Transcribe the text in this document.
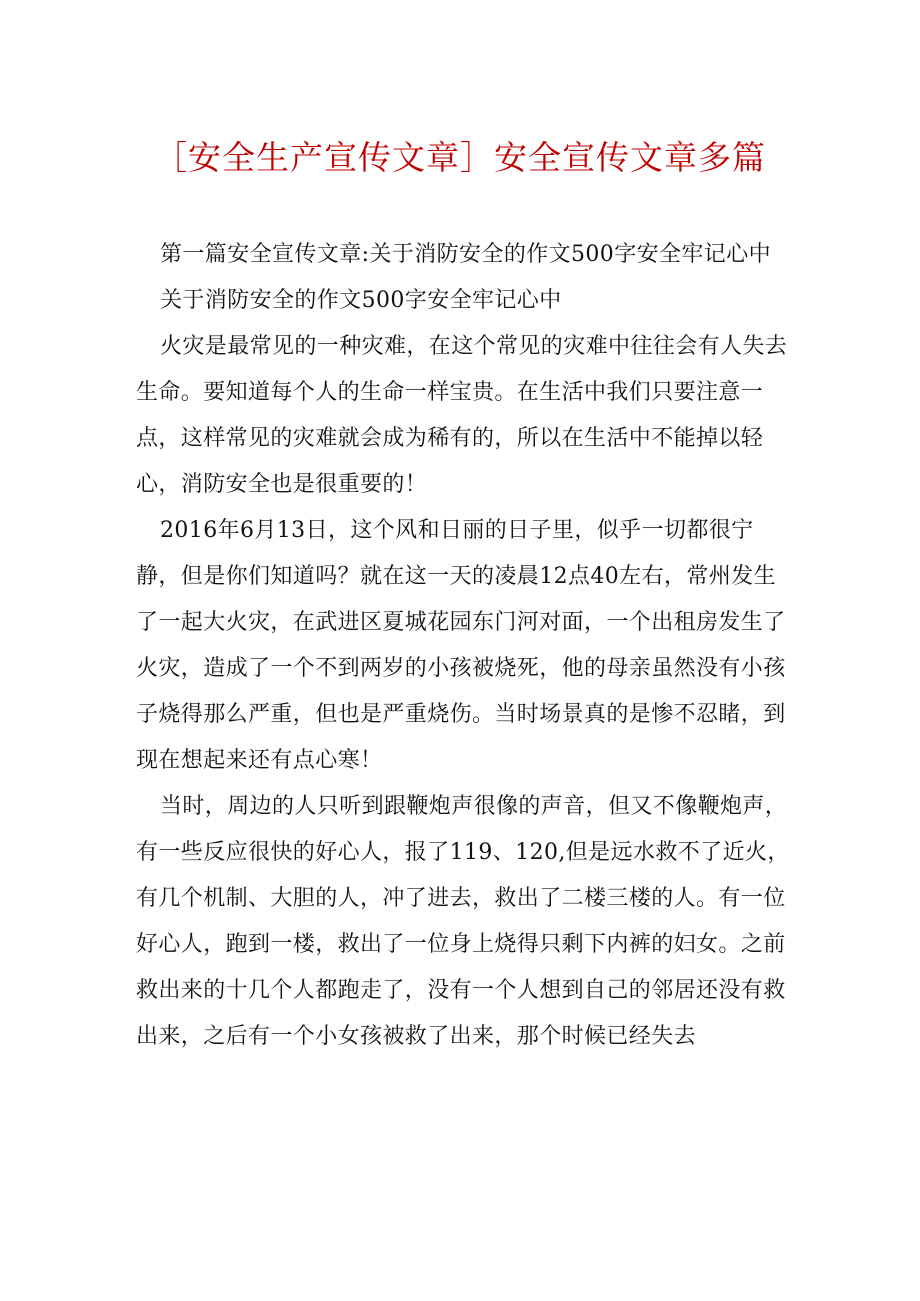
［安全生产宣传文章］安全宣传文章多篇

第一篇安全宣传文章:关于消防安全的作文500字安全牢记心中

关于消防安全的作文500字安全牢记心中

火灾是最常见的一种灾难，在这个常见的灾难中往往会有人失去生命。要知道每个人的生命一样宝贵。在生活中我们只要注意一点，这样常见的灾难就会成为稀有的，所以在生活中不能掉以轻心，消防安全也是很重要的！

2016年6月13日，这个风和日丽的日子里，似乎一切都很宁静，但是你们知道吗？就在这一天的凌晨12点40左右，常州发生了一起大火灾，在武进区夏城花园东门河对面，一个出租房发生了火灾，造成了一个不到两岁的小孩被烧死，他的母亲虽然没有小孩子烧得那么严重，但也是严重烧伤。当时场景真的是惨不忍睹，到现在想起来还有点心寒！

当时，周边的人只听到跟鞭炮声很像的声音，但又不像鞭炮声，有一些反应很快的好心人，报了119、120,但是远水救不了近火，有几个机制、大胆的人，冲了进去，救出了二楼三楼的人。有一位好心人，跑到一楼，救出了一位身上烧得只剩下内裤的妇女。之前救出来的十几个人都跑走了，没有一个人想到自己的邻居还没有救出来，之后有一个小女孩被救了出来，那个时候已经失去
